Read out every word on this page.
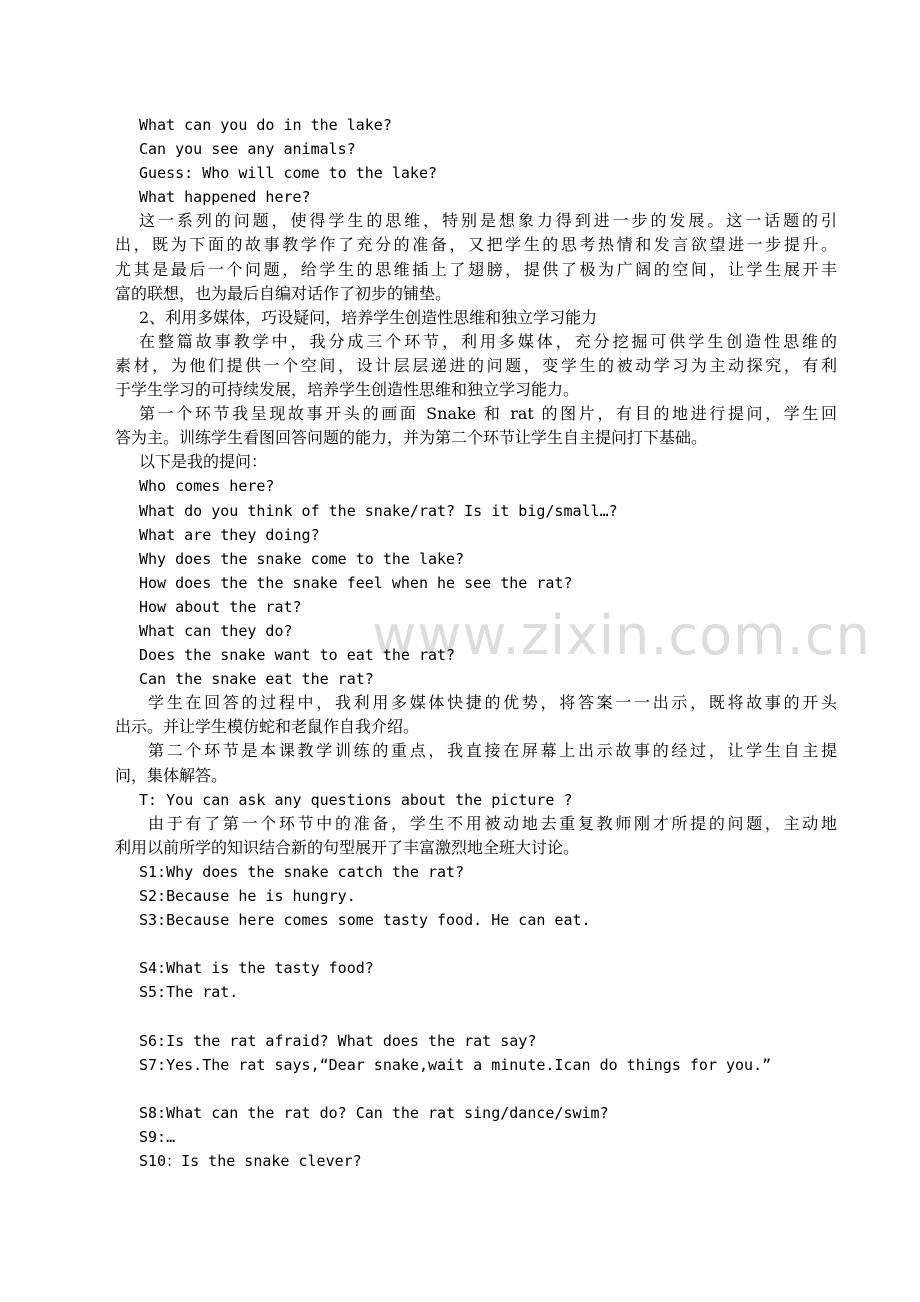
www.zixin.com.cn
What can you do in the lake?
Can you see any animals?
Guess: Who will come to the lake?
What happened here?
这一系列的问题，使得学生的思维，特别是想象力得到进一步的发展。这一话题的引
出，既为下面的故事教学作了充分的准备，又把学生的思考热情和发言欲望进一步提升。
尤其是最后一个问题，给学生的思维插上了翅膀，提供了极为广阔的空间，让学生展开丰
富的联想，也为最后自编对话作了初步的铺垫。
2、利用多媒体，巧设疑问，培养学生创造性思维和独立学习能力
在整篇故事教学中，我分成三个环节，利用多媒体，充分挖掘可供学生创造性思维的
素材，为他们提供一个空间，设计层层递进的问题，变学生的被动学习为主动探究，有利
于学生学习的可持续发展，培养学生创造性思维和独立学习能力。
第一个环节我呈现故事开头的画面 Snake 和 rat 的图片，有目的地进行提问，学生回
答为主。训练学生看图回答问题的能力，并为第二个环节让学生自主提问打下基础。
以下是我的提问：
Who comes here?
What do you think of the snake/rat? Is it big/small…?
What are they doing?
Why does the snake come to the lake?
How does the the snake feel when he see the rat?
How about the rat?
What can they do?
Does the snake want to eat the rat?
Can the snake eat the rat?
学生在回答的过程中，我利用多媒体快捷的优势，将答案一一出示，既将故事的开头
出示。并让学生模仿蛇和老鼠作自我介绍。
第二个环节是本课教学训练的重点，我直接在屏幕上出示故事的经过，让学生自主提
问，集体解答。
T: You can ask any questions about the picture ?
由于有了第一个环节中的准备，学生不用被动地去重复教师刚才所提的问题，主动地
利用以前所学的知识结合新的句型展开了丰富激烈地全班大讨论。
S1:Why does the snake catch the rat?
S2:Because he is hungry.
S3:Because here comes some tasty food. He can eat.
S4:What is the tasty food?
S5:The rat.
S6:Is the rat afraid? What does the rat say?
S7:Yes.The rat says,“Dear snake,wait a minute.Ican do things for you.”
S8:What can the rat do? Can the rat sing/dance/swim?
S9:…
S10：Is the snake clever?
